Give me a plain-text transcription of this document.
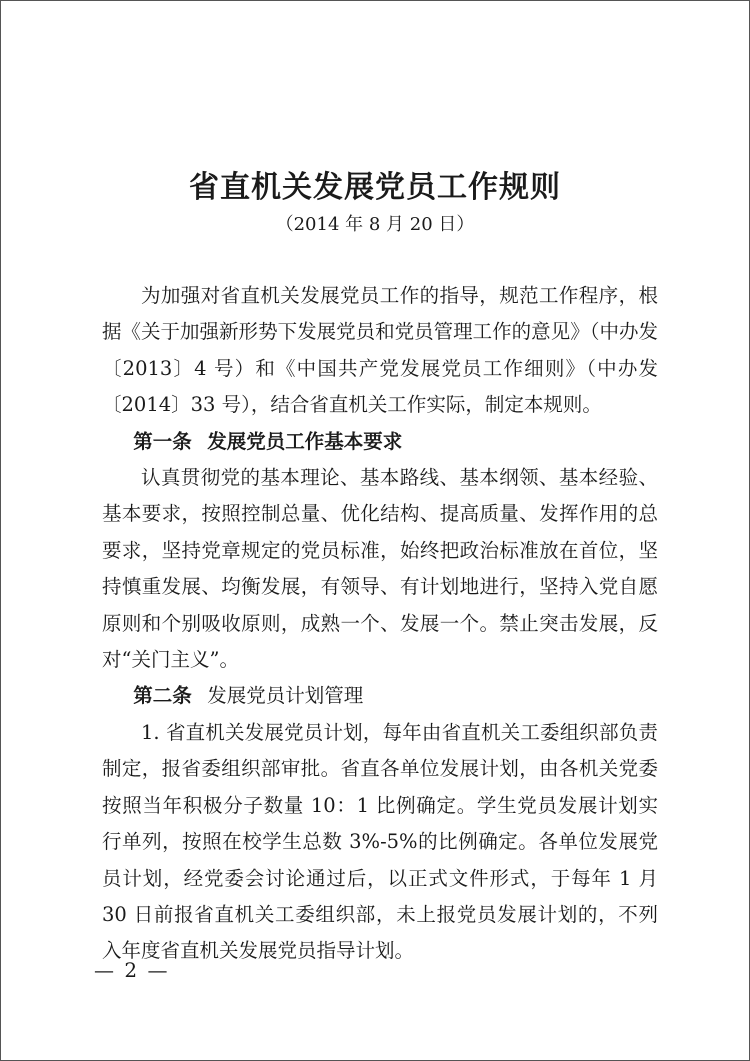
省直机关发展党员工作规则
（2014 年 8 月 20 日）

为加强对省直机关发展党员工作的指导，规范工作程序，根据《关于加强新形势下发展党员和党员管理工作的意见》（中办发〔2013〕4 号）和《中国共产党发展党员工作细则》（中办发〔2014〕33 号），结合省直机关工作实际，制定本规则。

第一条 发展党员工作基本要求

认真贯彻党的基本理论、基本路线、基本纲领、基本经验、基本要求，按照控制总量、优化结构、提高质量、发挥作用的总要求，坚持党章规定的党员标准，始终把政治标准放在首位，坚持慎重发展、均衡发展，有领导、有计划地进行，坚持入党自愿原则和个别吸收原则，成熟一个、发展一个。禁止突击发展，反对“关门主义”。

第二条 发展党员计划管理

1. 省直机关发展党员计划，每年由省直机关工委组织部负责制定，报省委组织部审批。省直各单位发展计划，由各机关党委按照当年积极分子数量 10：1 比例确定。学生党员发展计划实行单列，按照在校学生总数 3%-5%的比例确定。各单位发展党员计划，经党委会讨论通过后，以正式文件形式，于每年 1 月 30 日前报省直机关工委组织部，未上报党员发展计划的，不列入年度省直机关发展党员指导计划。

— 2 —
